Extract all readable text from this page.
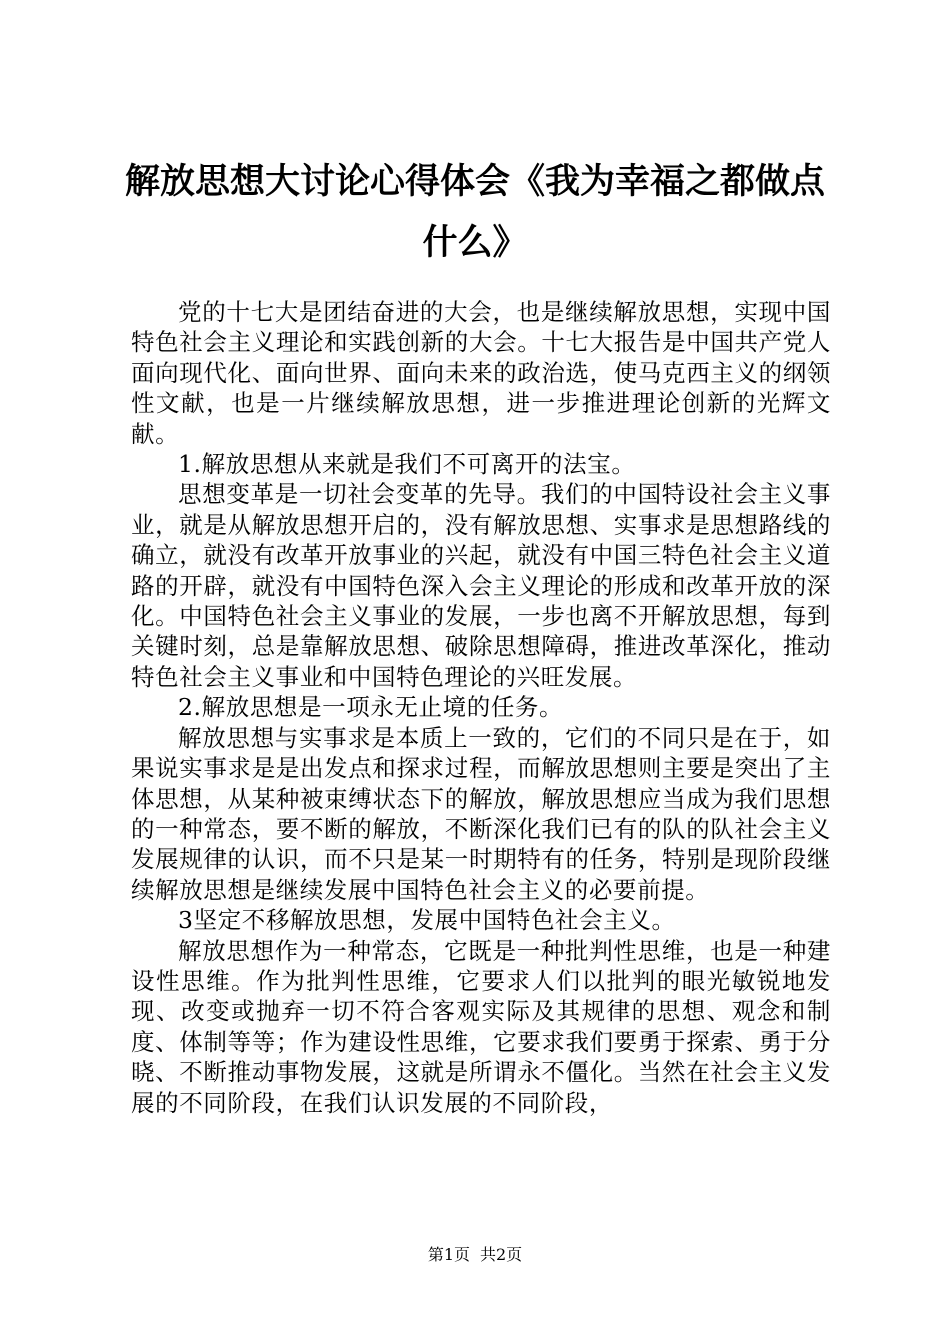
解放思想大讨论心得体会《我为幸福之都做点
什么》

党的十七大是团结奋进的大会，也是继续解放思想，实现中国特色社会主义理论和实践创新的大会。十七大报告是中国共产党人面向现代化、面向世界、面向未来的政治选，使马克西主义的纲领性文献，也是一片继续解放思想，进一步推进理论创新的光辉文献。

1.解放思想从来就是我们不可离开的法宝。

思想变革是一切社会变革的先导。我们的中国特设社会主义事业，就是从解放思想开启的，没有解放思想、实事求是思想路线的确立，就没有改革开放事业的兴起，就没有中国三特色社会主义道路的开辟，就没有中国特色深入会主义理论的形成和改革开放的深化。中国特色社会主义事业的发展，一步也离不开解放思想，每到关键时刻，总是靠解放思想、破除思想障碍，推进改革深化，推动特色社会主义事业和中国特色理论的兴旺发展。

2.解放思想是一项永无止境的任务。

解放思想与实事求是本质上一致的，它们的不同只是在于，如果说实事求是是出发点和探求过程，而解放思想则主要是突出了主体思想，从某种被束缚状态下的解放，解放思想应当成为我们思想的一种常态，要不断的解放，不断深化我们已有的队的队社会主义发展规律的认识，而不只是某一时期特有的任务，特别是现阶段继续解放思想是继续发展中国特色社会主义的必要前提。

3坚定不移解放思想，发展中国特色社会主义。

解放思想作为一种常态，它既是一种批判性思维，也是一种建设性思维。作为批判性思维，它要求人们以批判的眼光敏锐地发现、改变或抛弃一切不符合客观实际及其规律的思想、观念和制度、体制等等；作为建设性思维，它要求我们要勇于探索、勇于分晓、不断推动事物发展，这就是所谓永不僵化。当然在社会主义发展的不同阶段，在我们认识发展的不同阶段，

第1页 共2页
